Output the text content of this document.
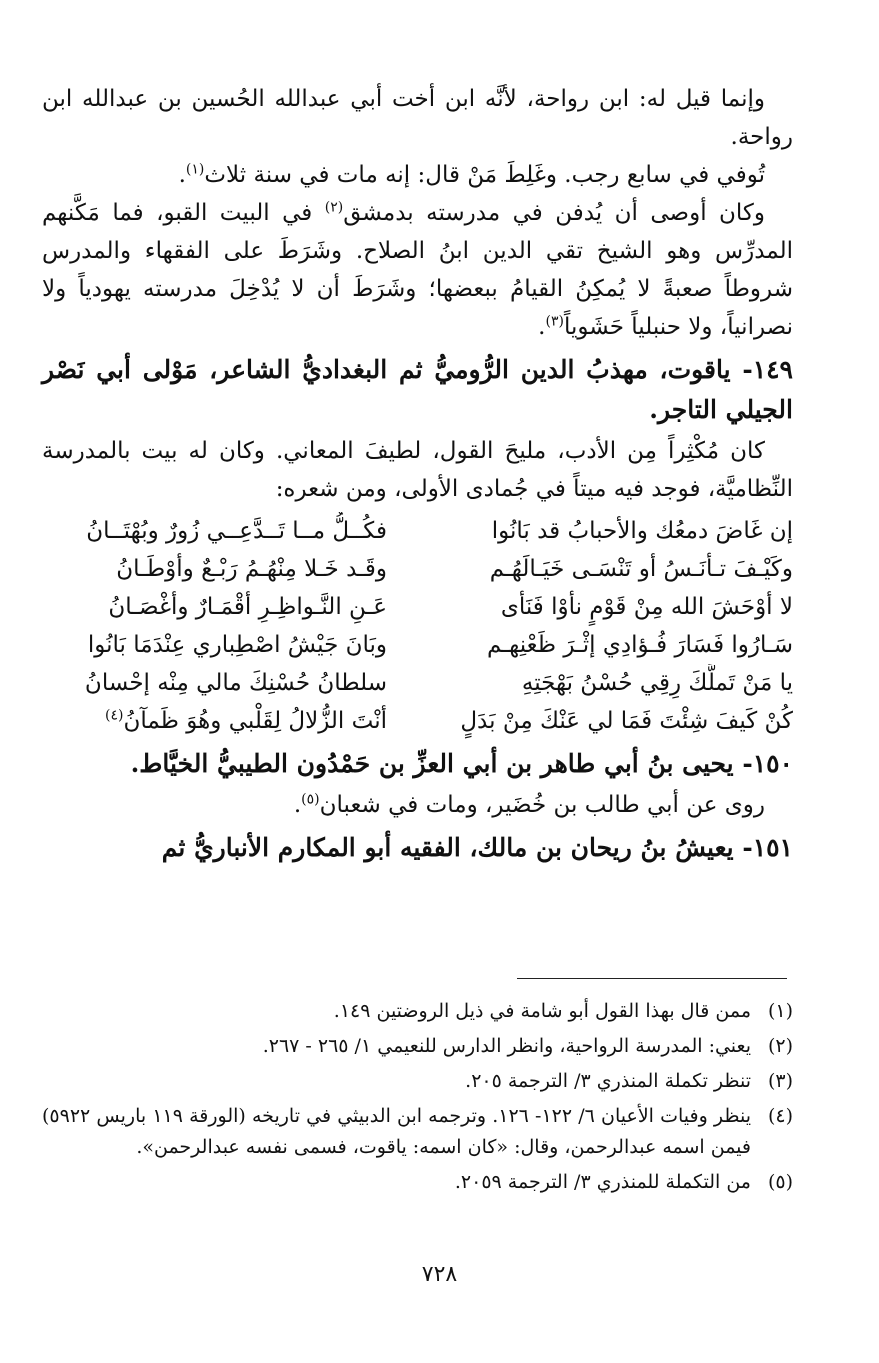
وإنما قيل له: ابن رواحة، لأنَّه ابن أخت أبي عبدالله الحُسين بن عبدالله ابن رواحة.

تُوفي في سابع رجب. وغَلِطَ مَنْ قال: إنه مات في سنة ثلاث$^{(١)}$.

وكان أوصى أن يُدفن في مدرسته بدمشق$^{(٢)}$ في البيت القبو، فما مَكَّنهم المدرِّس وهو الشيخ تقي الدين ابنُ الصلاح. وشَرَطَ على الفقهاء والمدرس شروطاً صعبةً لا يُمكِنُ القيامُ ببعضها؛ وشَرَطَ أن لا يُدْخِلَ مدرسته يهودياً ولا نصرانياً، ولا حنبلياً حَشَوياً$^{(٣)}$.

١٤٩- ياقوت، مهذبُ الدين الرُّوميُّ ثم البغداديُّ الشاعر، مَوْلى أبي نَصْر الجيلي التاجر.

كان مُكْثِراً مِن الأدب، مليحَ القول، لطيفَ المعاني. وكان له بيت بالمدرسة النِّظاميَّة، فوجد فيه ميتاً في جُمادى الأولى، ومن شعره:

إن غَاضَ دمعُك والأحبابُ قد بَانُوا
فكُــلُّ مــا تَــدَّعِــي زُورٌ وبُهْتَــانُ
وكَيْـفَ تـأنَـسُ أو تَنْسَـى خَيَـالَهُـم
وقَـد خَـلا مِنْهُـمُ رَبْـعٌ وأوْطَـانُ
لا أوْحَشَ الله مِنْ قَوْمٍ نأوْا فَنَأى
عَـنِ النَّـواظِـرِ أقْمَـارٌ وأغْصَـانُ
سَـارُوا فَسَارَ فُـؤادِي إثْـرَ ظَعْنِهـم
وبَانَ جَيْشُ اصْطِباري عِنْدَمَا بَانُوا
يا مَنْ تَملَّكَ رِقِي حُسْنُ بَهْجَتِهِ
سلطانُ حُسْنِكَ مالي مِنْه إحْسانُ
كُنْ كَيفَ شِئْتَ فَمَا لي عَنْكَ مِنْ بَدَلٍ
أنْتَ الزُّلالُ لِقَلْبي وهُوَ ظَمآنُ$^{(٤)}$

١٥٠- يحيى بنُ أبي طاهر بن أبي العزِّ بن حَمْدُون الطيبيُّ الخيَّاط.

روى عن أبي طالب بن خُضَير، ومات في شعبان$^{(٥)}$.

١٥١- يعيشُ بنُ ريحان بن مالك، الفقيه أبو المكارم الأنباريُّ ثم

(١)
ممن قال بهذا القول أبو شامة في ذيل الروضتين ١٤٩.
(٢)
يعني: المدرسة الرواحية، وانظر الدارس للنعيمي ١/ ٢٦٥ - ٢٦٧.
(٣)
تنظر تكملة المنذري ٣/ الترجمة ٢٠٥.
(٤)
ينظر وفيات الأعيان ٦/ ١٢٢- ١٢٦. وترجمه ابن الدبيثي في تاريخه (الورقة ١١٩ باريس ٥٩٢٢) فيمن اسمه عبدالرحمن، وقال: «كان اسمه: ياقوت، فسمى نفسه عبدالرحمن».
(٥)
من التكملة للمنذري ٣/ الترجمة ٢٠٥٩.
٧٢٨
